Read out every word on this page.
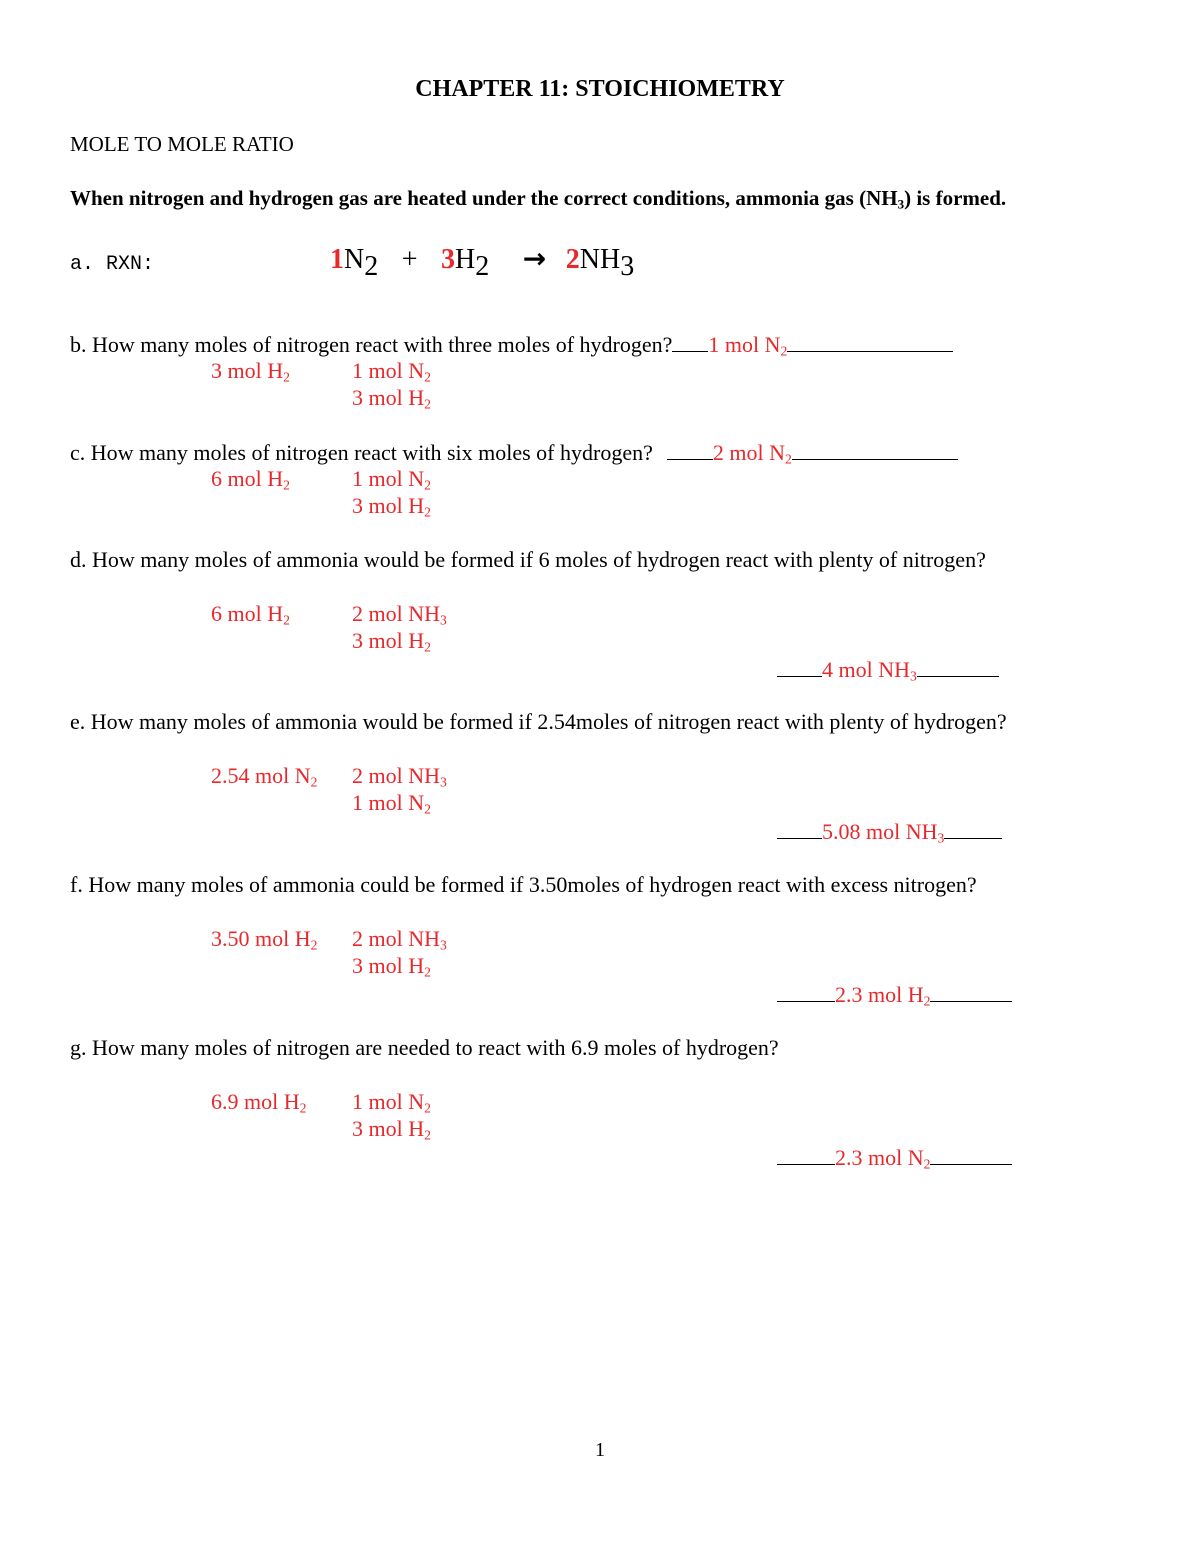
CHAPTER 11: STOICHIOMETRY
MOLE TO MOLE RATIO
When nitrogen and hydrogen gas are heated under the correct conditions, ammonia gas $(NH_3)$ is formed.
a. RXN:	$1N_2 + 3H_2 \to 2NH_3$
b. How many moles of nitrogen react with three moles of hydrogen? 1 mol $N_2$
3 mol $H_2$	1 mol $N_2$
3 mol $H_2$
c. How many moles of nitrogen react with six moles of hydrogen?	2 mol $N_2$
6 mol $H_2$	1 mol $N_2$
3 mol $H_2$
d. How many moles of ammonia would be formed if 6 moles of hydrogen react with plenty of nitrogen?
6 mol $H_2$	2 mol $NH_3$
3 mol $H_2$
4 mol $NH_3$
e. How many moles of ammonia would be formed if 2.54moles of nitrogen react with plenty of hydrogen?
2.54 mol $N_2$ 2 mol $NH_3$
1 mol $N_2$
5.08 mol $NH_3$
f. How many moles of ammonia could be formed if 3.50moles of hydrogen react with excess nitrogen?
3.50 mol $H_2$ 2 mol $NH_3$
3 mol $H_2$
2.3 mol $H_2$
g. How many moles of nitrogen are needed to react with 6.9 moles of hydrogen?
6.9 mol $H_2$ 1 mol $N_2$
3 mol $H_2$
2.3 mol $N_2$
1
